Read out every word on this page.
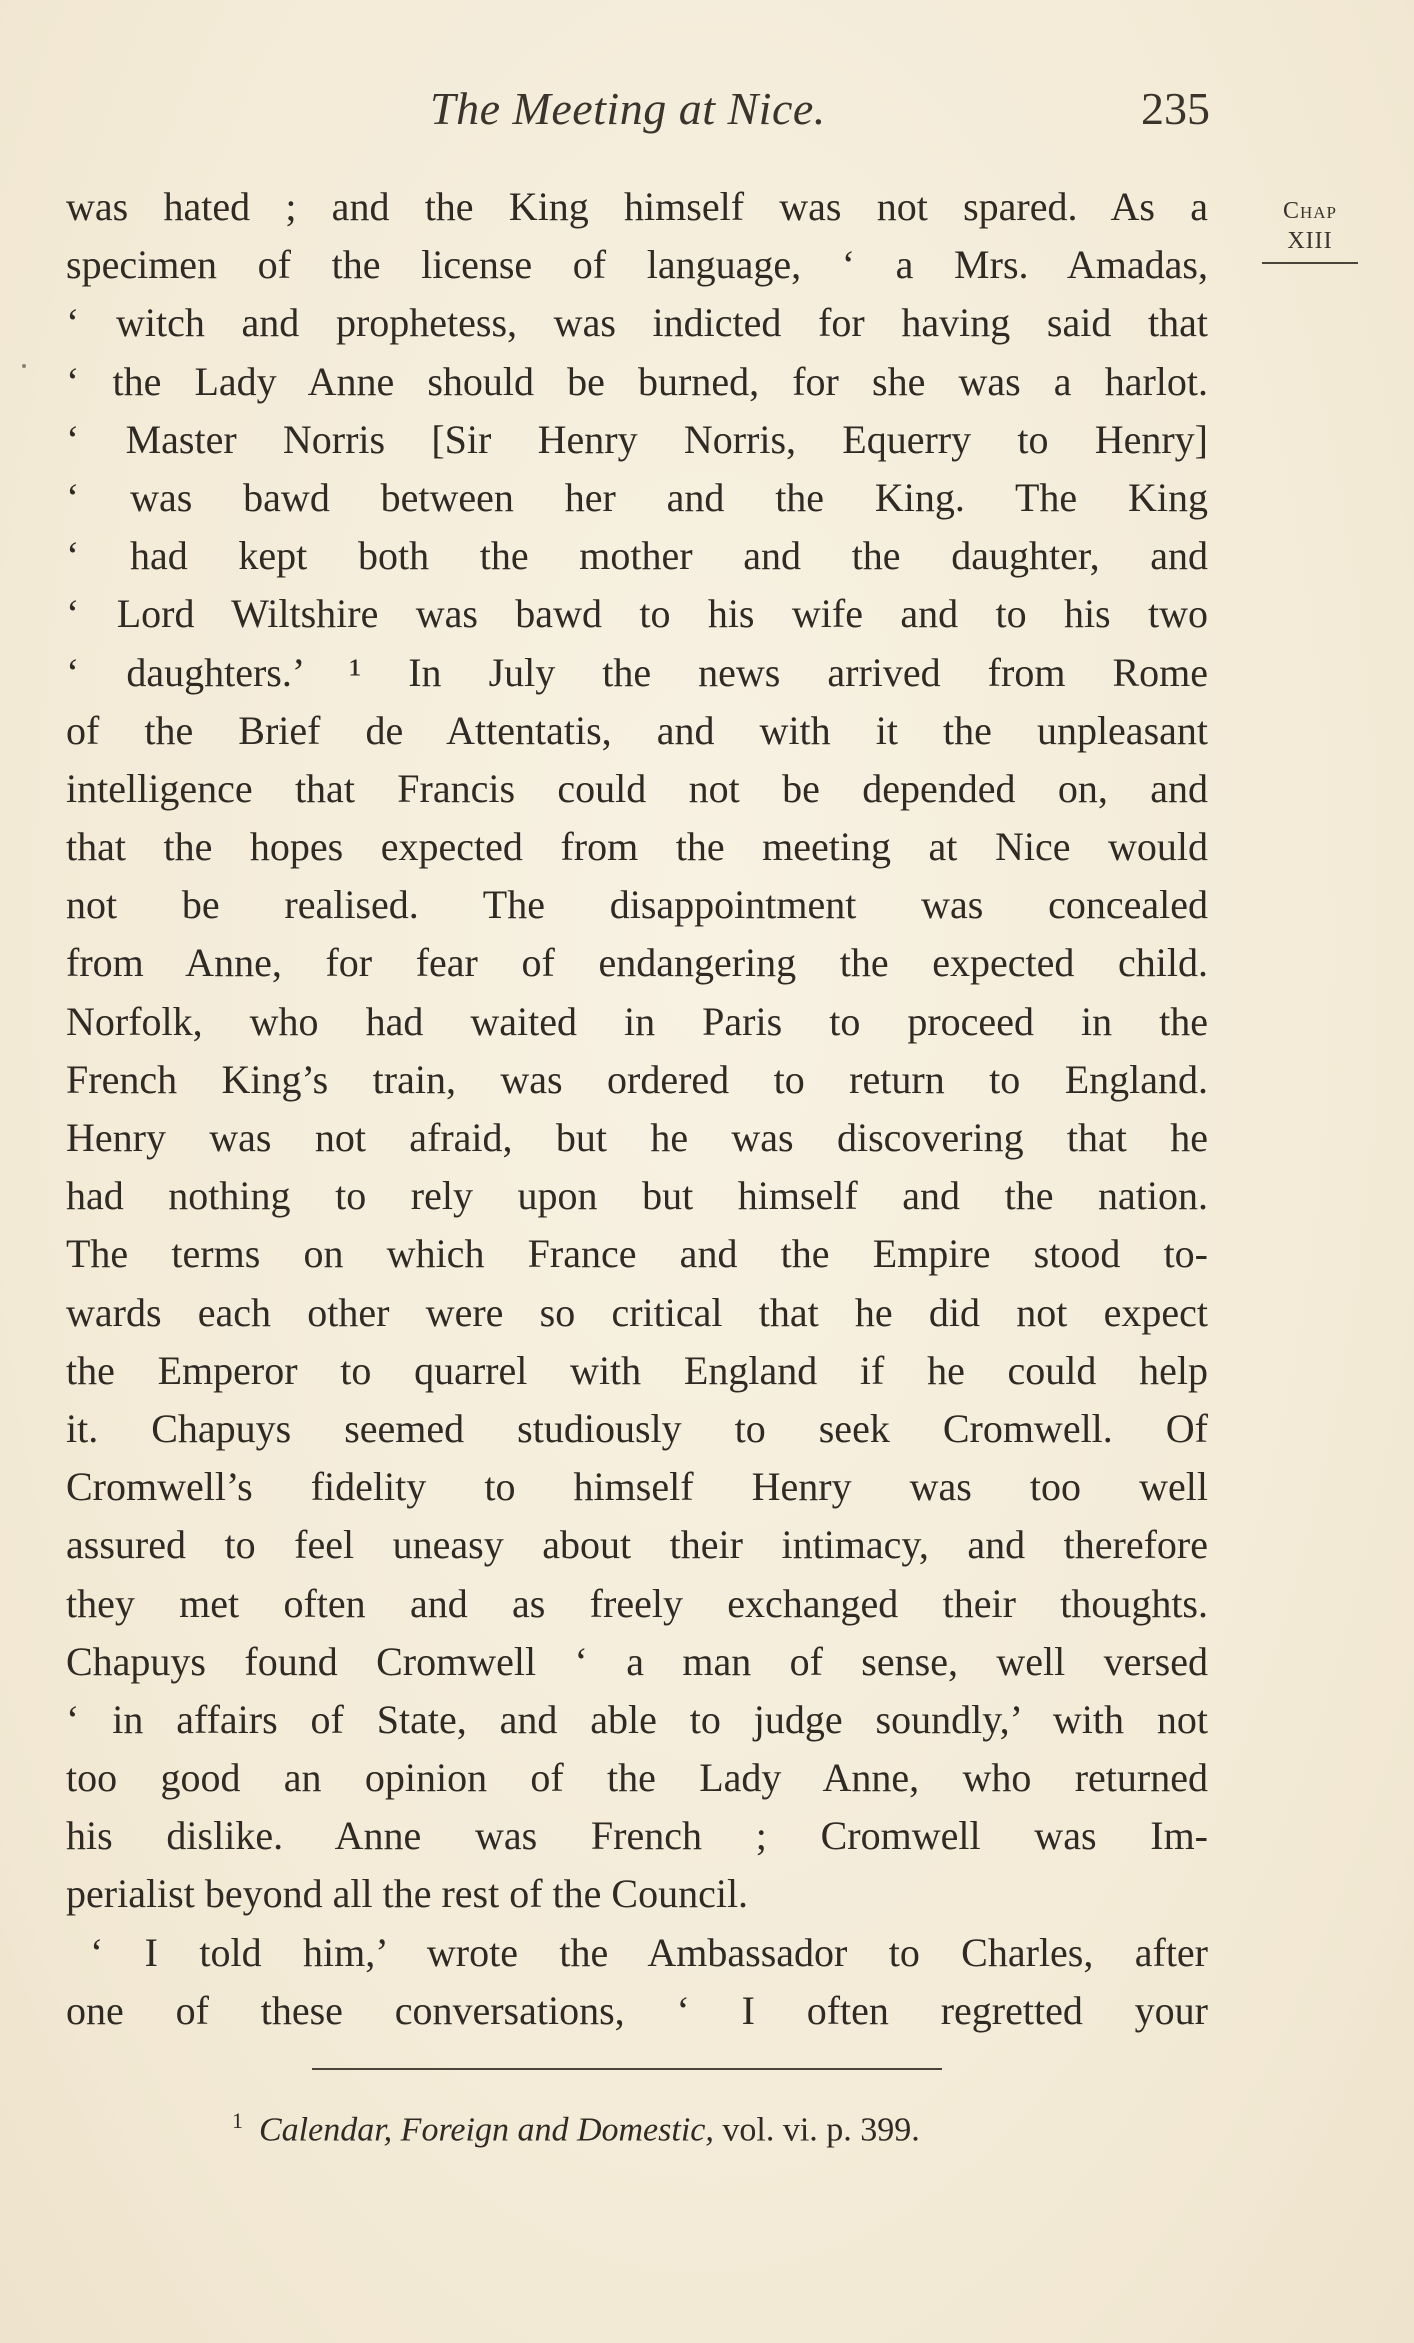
The Meeting at Nice.	235
Chap
XIII
was hated ; and the King himself was not spared. As a
specimen of the license of language, ‘ a Mrs. Amadas,
‘ witch and prophetess, was indicted for having said that
‘ the Lady Anne should be burned, for she was a harlot.
‘ Master Norris [Sir Henry Norris, Equerry to Henry]
‘ was bawd between her and the King. The King
‘ had kept both the mother and the daughter, and
‘ Lord Wiltshire was bawd to his wife and to his two
‘ daughters.’ ¹ In July the news arrived from Rome
of the Brief de Attentatis, and with it the unpleasant
intelligence that Francis could not be depended on, and
that the hopes expected from the meeting at Nice would
not be realised. The disappointment was concealed
from Anne, for fear of endangering the expected child.
Norfolk, who had waited in Paris to proceed in the
French King’s train, was ordered to return to England.
Henry was not afraid, but he was discovering that he
had nothing to rely upon but himself and the nation.
The terms on which France and the Empire stood to-
wards each other were so critical that he did not expect
the Emperor to quarrel with England if he could help
it. Chapuys seemed studiously to seek Cromwell. Of
Cromwell’s fidelity to himself Henry was too well
assured to feel uneasy about their intimacy, and therefore
they met often and as freely exchanged their thoughts.
Chapuys found Cromwell ‘ a man of sense, well versed
‘ in affairs of State, and able to judge soundly,’ with not
too good an opinion of the Lady Anne, who returned
his dislike. Anne was French ; Cromwell was Im-
perialist beyond all the rest of the Council.
‘ I told him,’ wrote the Ambassador to Charles, after
one of these conversations, ‘ I often regretted your
$^1$ Calendar, Foreign and Domestic, vol. vi. p. 399.
